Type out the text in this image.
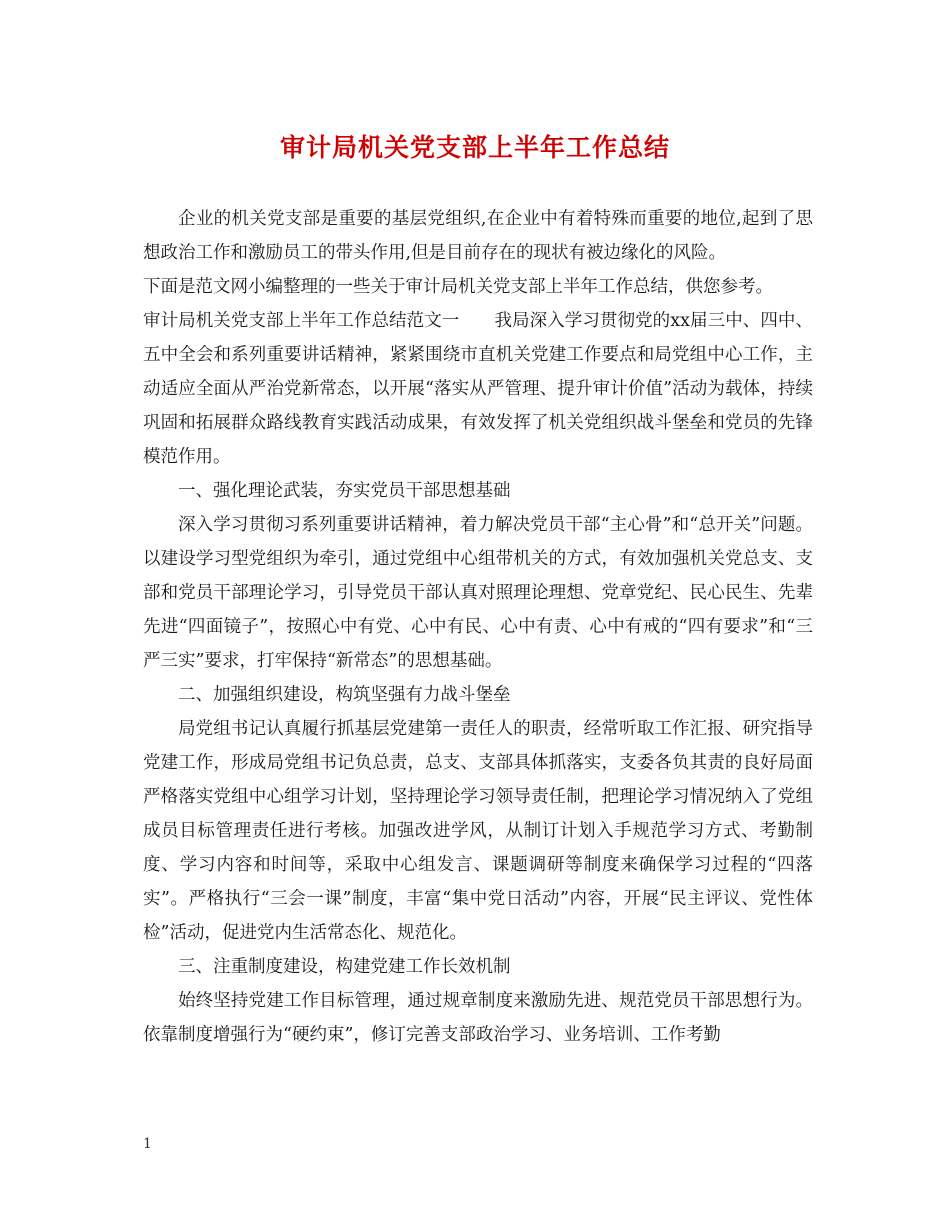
审计局机关党支部上半年工作总结

企业的机关党支部是重要的基层党组织,在企业中有着特殊而重要的地位,起到了思想政治工作和激励员工的带头作用,但是目前存在的现状有被边缘化的风险。

下面是范文网小编整理的一些关于审计局机关党支部上半年工作总结，供您参考。

审计局机关党支部上半年工作总结范文一　　我局深入学习贯彻党的xx届三中、四中、五中全会和系列重要讲话精神，紧紧围绕市直机关党建工作要点和局党组中心工作，主动适应全面从严治党新常态，以开展“落实从严管理、提升审计价值”活动为载体，持续巩固和拓展群众路线教育实践活动成果，有效发挥了机关党组织战斗堡垒和党员的先锋模范作用。

一、强化理论武装，夯实党员干部思想基础

深入学习贯彻习系列重要讲话精神，着力解决党员干部“主心骨”和“总开关”问题。以建设学习型党组织为牵引，通过党组中心组带机关的方式，有效加强机关党总支、支部和党员干部理论学习，引导党员干部认真对照理论理想、党章党纪、民心民生、先辈先进“四面镜子”，按照心中有党、心中有民、心中有责、心中有戒的“四有要求”和“三严三实”要求，打牢保持“新常态”的思想基础。

二、加强组织建设，构筑坚强有力战斗堡垒

局党组书记认真履行抓基层党建第一责任人的职责，经常听取工作汇报、研究指导党建工作，形成局党组书记负总责，总支、支部具体抓落实，支委各负其责的良好局面严格落实党组中心组学习计划，坚持理论学习领导责任制，把理论学习情况纳入了党组成员目标管理责任进行考核。加强改进学风，从制订计划入手规范学习方式、考勤制度、学习内容和时间等，采取中心组发言、课题调研等制度来确保学习过程的“四落实”。严格执行“三会一课”制度，丰富“集中党日活动”内容，开展“民主评议、党性体检”活动，促进党内生活常态化、规范化。

三、注重制度建设，构建党建工作长效机制

始终坚持党建工作目标管理，通过规章制度来激励先进、规范党员干部思想行为。依靠制度增强行为“硬约束”，修订完善支部政治学习、业务培训、工作考勤

1
